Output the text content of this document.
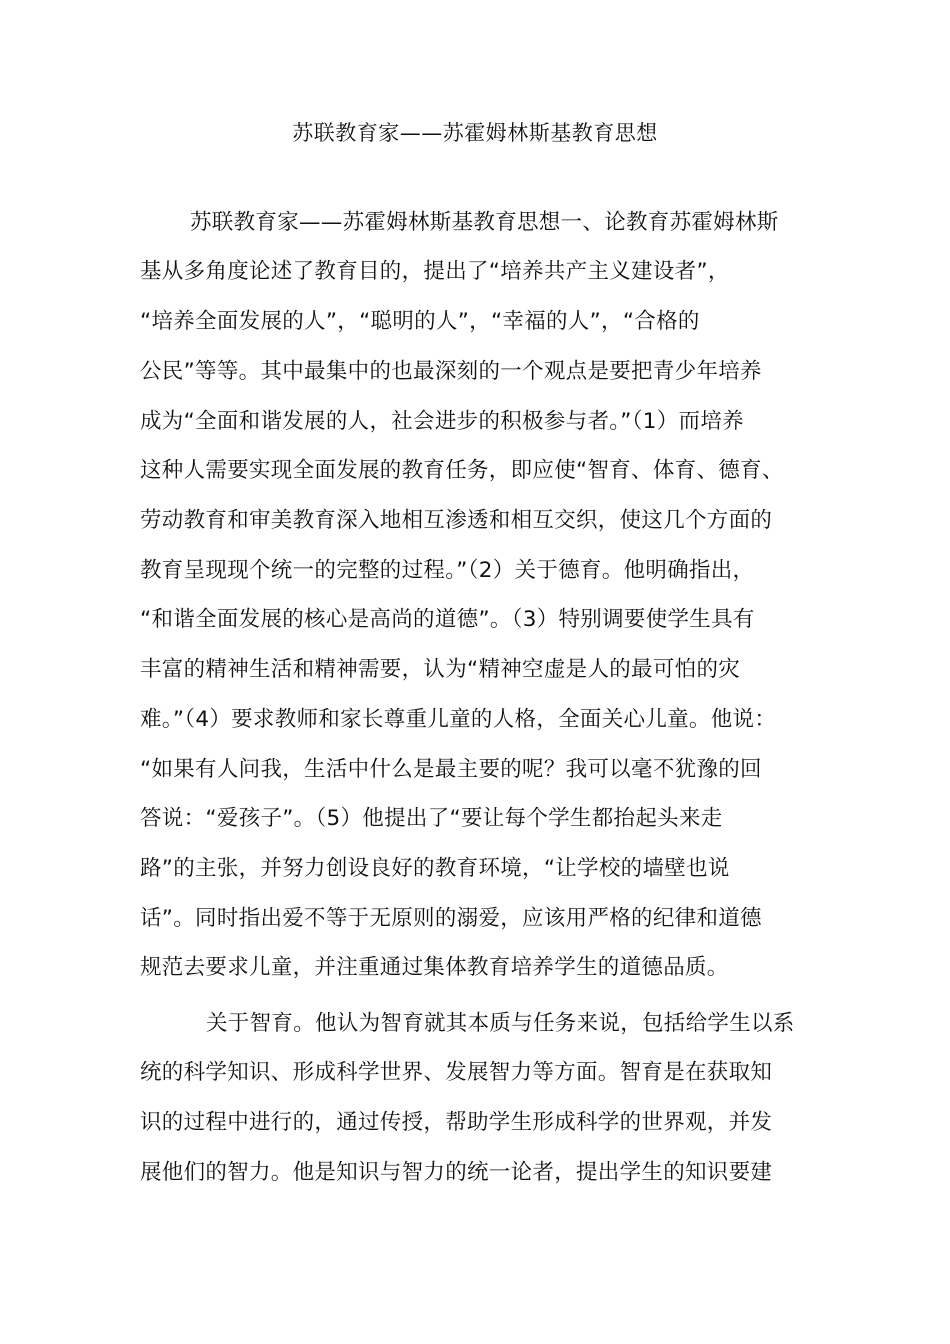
苏联教育家——苏霍姆林斯基教育思想
苏联教育家——苏霍姆林斯基教育思想一、论教育苏霍姆林斯
基从多角度论述了教育目的，提出了“培养共产主义建设者”，
“培养全面发展的人”，“聪明的人”，“幸福的人”，“合格的
公民”等等。其中最集中的也最深刻的一个观点是要把青少年培养
成为“全面和谐发展的人，社会进步的积极参与者。”（1）而培养
这种人需要实现全面发展的教育任务，即应使“智育、体育、德育、
劳动教育和审美教育深入地相互渗透和相互交织，使这几个方面的
教育呈现现个统一的完整的过程。”（2）关于德育。他明确指出，
“和谐全面发展的核心是高尚的道德”。（3）特别调要使学生具有
丰富的精神生活和精神需要，认为“精神空虚是人的最可怕的灾
难。”（4）要求教师和家长尊重儿童的人格，全面关心儿童。他说：
“如果有人问我，生活中什么是最主要的呢？我可以毫不犹豫的回
答说：“爱孩子”。（5）他提出了“要让每个学生都抬起头来走
路”的主张，并努力创设良好的教育环境，“让学校的墙壁也说
话”。同时指出爱不等于无原则的溺爱，应该用严格的纪律和道德
规范去要求儿童，并注重通过集体教育培养学生的道德品质。
关于智育。他认为智育就其本质与任务来说，包括给学生以系
统的科学知识、形成科学世界、发展智力等方面。智育是在获取知
识的过程中进行的，通过传授，帮助学生形成科学的世界观，并发
展他们的智力。他是知识与智力的统一论者，提出学生的知识要建
